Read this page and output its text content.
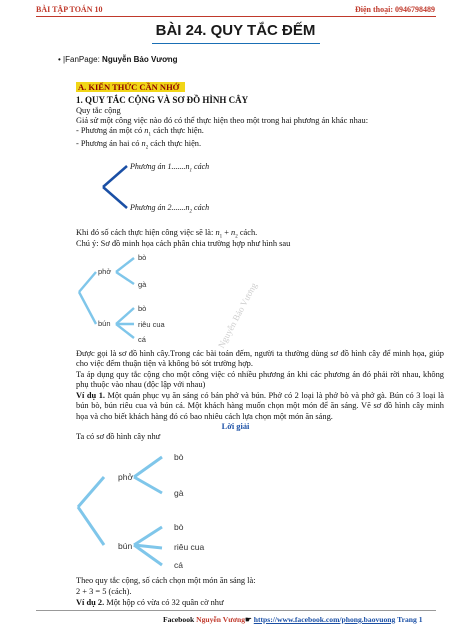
BÀI TẬP TOÁN 10	Điện thoại: 0946798489
BÀI 24. QUY TẮC ĐẾM
• |FanPage: Nguyễn Bảo Vương
A. KIẾN THỨC CẦN NHỚ
1. QUY TẮC CỘNG VÀ SƠ ĐỒ HÌNH CÂY
Quy tắc cộng
Giả sử một công việc nào đó có thể thực hiện theo một trong hai phương án khác nhau:
- Phương án một có $n_1$ cách thực hiện.
- Phương án hai có $n_2$ cách thực hiện.
Phương án $1.......n_1$ cách
Phương án $2.......n_2$ cách
Khi đó số cách thực hiện công việc sẽ là: $n_1 + n_2$ cách.
Chú ý: Sơ đồ minh họa cách phân chia trường hợp như hình sau
phở
bún
bò
gà
bò
riêu cua
cá	Nguyễn Bảo Vương
Được gọi là sơ đồ hình cây.Trong các bài toán đếm, người ta thường dùng sơ đồ hình cây để minh họa, giúp cho việc đếm thuận tiện và không bỏ sót trường hợp.
Ta áp dụng quy tắc cộng cho một công việc có nhiều phương án khi các phương án đó phải rời nhau, không phụ thuộc vào nhau (độc lập với nhau)
Ví dụ 1. Một quán phục vụ ăn sáng có bán phở và bún. Phở có 2 loại là phở bò và phở gà. Bún có 3 loại là bún bò, bún riêu cua và bún cá. Một khách hàng muốn chọn một món để ăn sáng. Vẽ sơ đồ hình cây minh họa và cho biết khách hàng đó có bao nhiêu cách lựa chọn một món ăn sáng.
Lời giải
Ta có sơ đồ hình cây như
phở
bún
bò
gà
bò
riêu cua
cá
Theo quy tắc cộng, số cách chọn một món ăn sáng là:
2 + 3 = 5 (cách).
Ví dụ 2. Một hộp có vừa có 32 quân cờ như
Facebook Nguyễn Vương☛ https://www.facebook.com/phong.baovuong Trang 1
